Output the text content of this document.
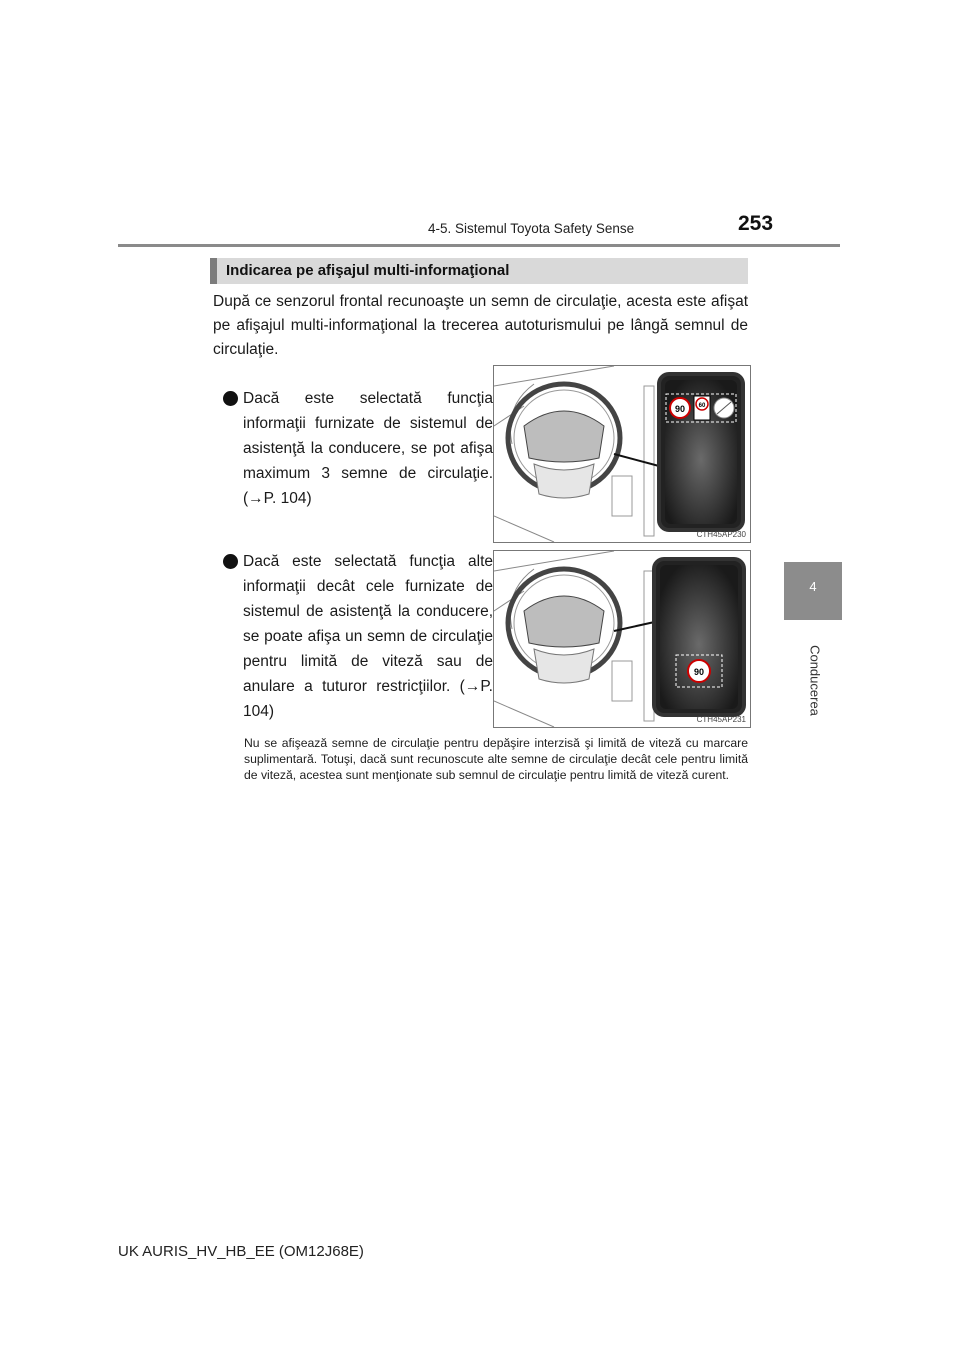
4-5. Sistemul Toyota Safety Sense	253
4
Conducerea
Indicarea pe afişajul multi-informaţional
După ce senzorul frontal recunoaşte un semn de circulaţie, acesta este afişat pe afişajul multi-informaţional la trecerea autoturismului pe lângă semnul de circulaţie.
Dacă este selectată funcţia informaţii furnizate de sistemul de asistenţă la conducere, se pot afişa maximum 3 semne de circulaţie. (→P. 104)
Dacă este selectată funcţia alte informaţii decât cele furnizate de sistemul de asistenţă la conducere, se poate afişa un semn de circulaţie pentru limită de viteză sau de anulare a tuturor restricţiilor. (→P. 104)
90 60
CTH45AP230
90
CTH45AP231
Nu se afişează semne de circulaţie pentru depăşire interzisă şi limită de viteză cu marcare suplimentară. Totuşi, dacă sunt recunoscute alte semne de circulaţie decât cele pentru limită de viteză, acestea sunt menţionate sub semnul de circulaţie pentru limită de viteză curent.
UK AURIS_HV_HB_EE (OM12J68E)
